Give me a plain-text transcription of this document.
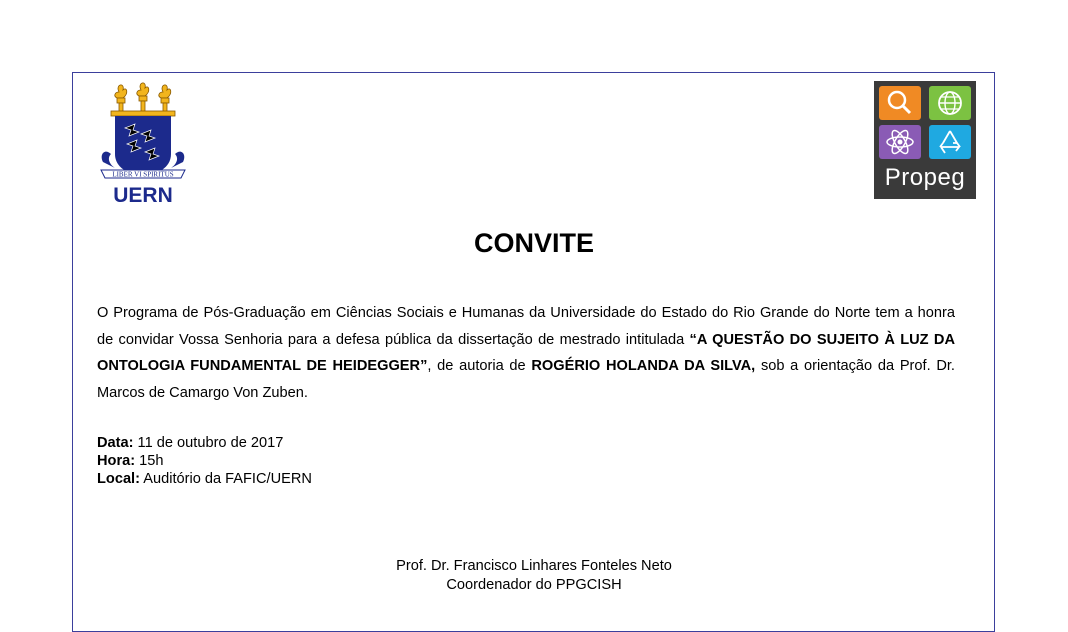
LIBER VI SPIRITUS
UERN
Propeg
CONVITE
O Programa de Pós-Graduação em Ciências Sociais e Humanas da Universidade do Estado do Rio Grande do Norte tem a honra de convidar Vossa Senhoria para a defesa pública da dissertação de mestrado intitulada “A QUESTÃO DO SUJEITO À LUZ DA ONTOLOGIA FUNDAMENTAL DE HEIDEGGER”, de autoria de ROGÉRIO HOLANDA DA SILVA, sob a orientação da Prof. Dr. Marcos de Camargo Von Zuben.
Data: 11 de outubro de 2017
Hora: 15h
Local: Auditório da FAFIC/UERN
Prof. Dr. Francisco Linhares Fonteles Neto
Coordenador do PPGCISH
